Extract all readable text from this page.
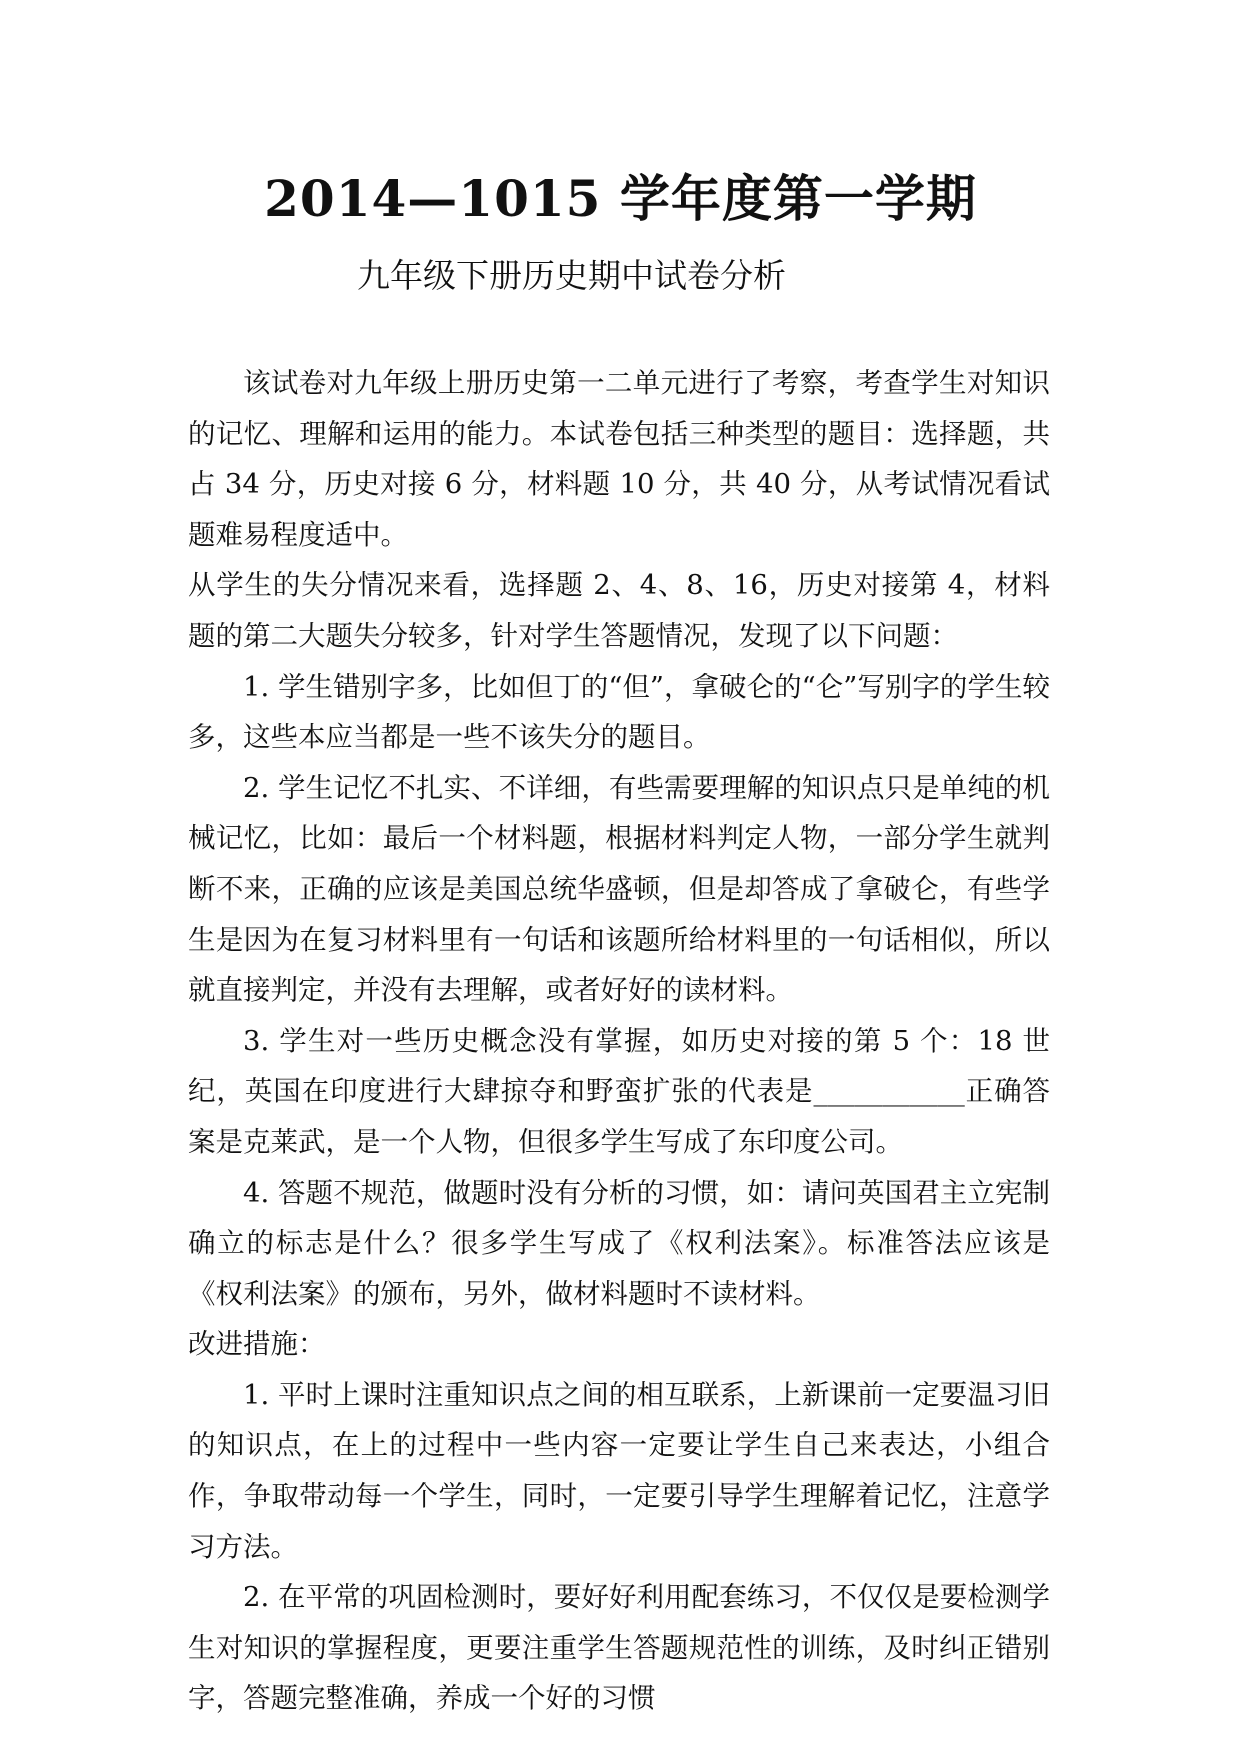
2014—1015 学年度第一学期
九年级下册历史期中试卷分析

该试卷对九年级上册历史第一二单元进行了考察，考查学生对知识的记忆、理解和运用的能力。本试卷包括三种类型的题目：选择题，共占 34 分，历史对接 6 分，材料题 10 分，共 40 分，从考试情况看试题难易程度适中。

从学生的失分情况来看，选择题 2、4、8、16，历史对接第 4，材料题的第二大题失分较多，针对学生答题情况，发现了以下问题：

1. 学生错别字多，比如但丁的“但”，拿破仑的“仑”写别字的学生较多，这些本应当都是一些不该失分的题目。

2. 学生记忆不扎实、不详细，有些需要理解的知识点只是单纯的机械记忆，比如：最后一个材料题，根据材料判定人物，一部分学生就判断不来，正确的应该是美国总统华盛顿，但是却答成了拿破仑，有些学生是因为在复习材料里有一句话和该题所给材料里的一句话相似，所以就直接判定，并没有去理解，或者好好的读材料。

3. 学生对一些历史概念没有掌握，如历史对接的第 5 个：18 世纪，英国在印度进行大肆掠夺和野蛮扩张的代表是___________正确答案是克莱武，是一个人物，但很多学生写成了东印度公司。

4. 答题不规范，做题时没有分析的习惯，如：请问英国君主立宪制确立的标志是什么？很多学生写成了《权利法案》。标准答法应该是《权利法案》的颁布，另外，做材料题时不读材料。

改进措施：

1. 平时上课时注重知识点之间的相互联系，上新课前一定要温习旧的知识点，在上的过程中一些内容一定要让学生自己来表达，小组合作，争取带动每一个学生，同时，一定要引导学生理解着记忆，注意学习方法。

2. 在平常的巩固检测时，要好好利用配套练习，不仅仅是要检测学生对知识的掌握程度，更要注重学生答题规范性的训练，及时纠正错别字，答题完整准确，养成一个好的习惯
